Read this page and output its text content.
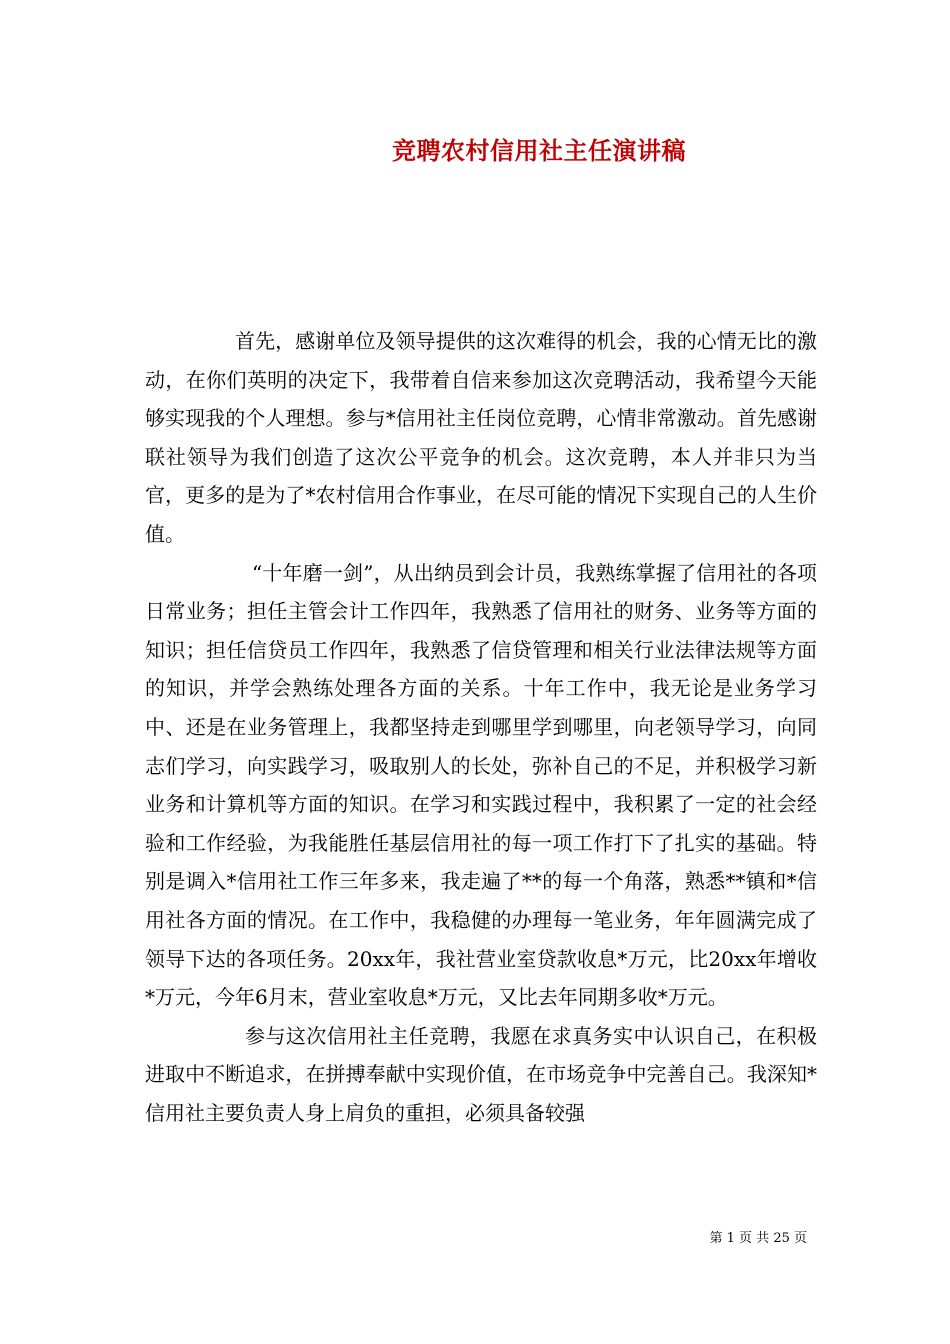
竞聘农村信用社主任演讲稿

首先，感谢单位及领导提供的这次难得的机会，我的心情无比的激动，在你们英明的决定下，我带着自信来参加这次竞聘活动，我希望今天能够实现我的个人理想。参与*信用社主任岗位竞聘，心情非常激动。首先感谢联社领导为我们创造了这次公平竞争的机会。这次竞聘，本人并非只为当官，更多的是为了*农村信用合作事业，在尽可能的情况下实现自己的人生价值。

“十年磨一剑”，从出纳员到会计员，我熟练掌握了信用社的各项日常业务；担任主管会计工作四年，我熟悉了信用社的财务、业务等方面的知识；担任信贷员工作四年，我熟悉了信贷管理和相关行业法律法规等方面的知识，并学会熟练处理各方面的关系。十年工作中，我无论是业务学习中、还是在业务管理上，我都坚持走到哪里学到哪里，向老领导学习，向同志们学习，向实践学习，吸取别人的长处，弥补自己的不足，并积极学习新业务和计算机等方面的知识。在学习和实践过程中，我积累了一定的社会经验和工作经验，为我能胜任基层信用社的每一项工作打下了扎实的基础。特别是调入*信用社工作三年多来，我走遍了**的每一个角落，熟悉**镇和*信用社各方面的情况。在工作中，我稳健的办理每一笔业务，年年圆满完成了领导下达的各项任务。20xx年，我社营业室贷款收息*万元，比20xx年增收*万元，今年6月末，营业室收息*万元，又比去年同期多收*万元。

参与这次信用社主任竞聘，我愿在求真务实中认识自己，在积极进取中不断追求，在拼搏奉献中实现价值，在市场竞争中完善自己。我深知*信用社主要负责人身上肩负的重担，必须具备较强

第 1 页 共 25 页
